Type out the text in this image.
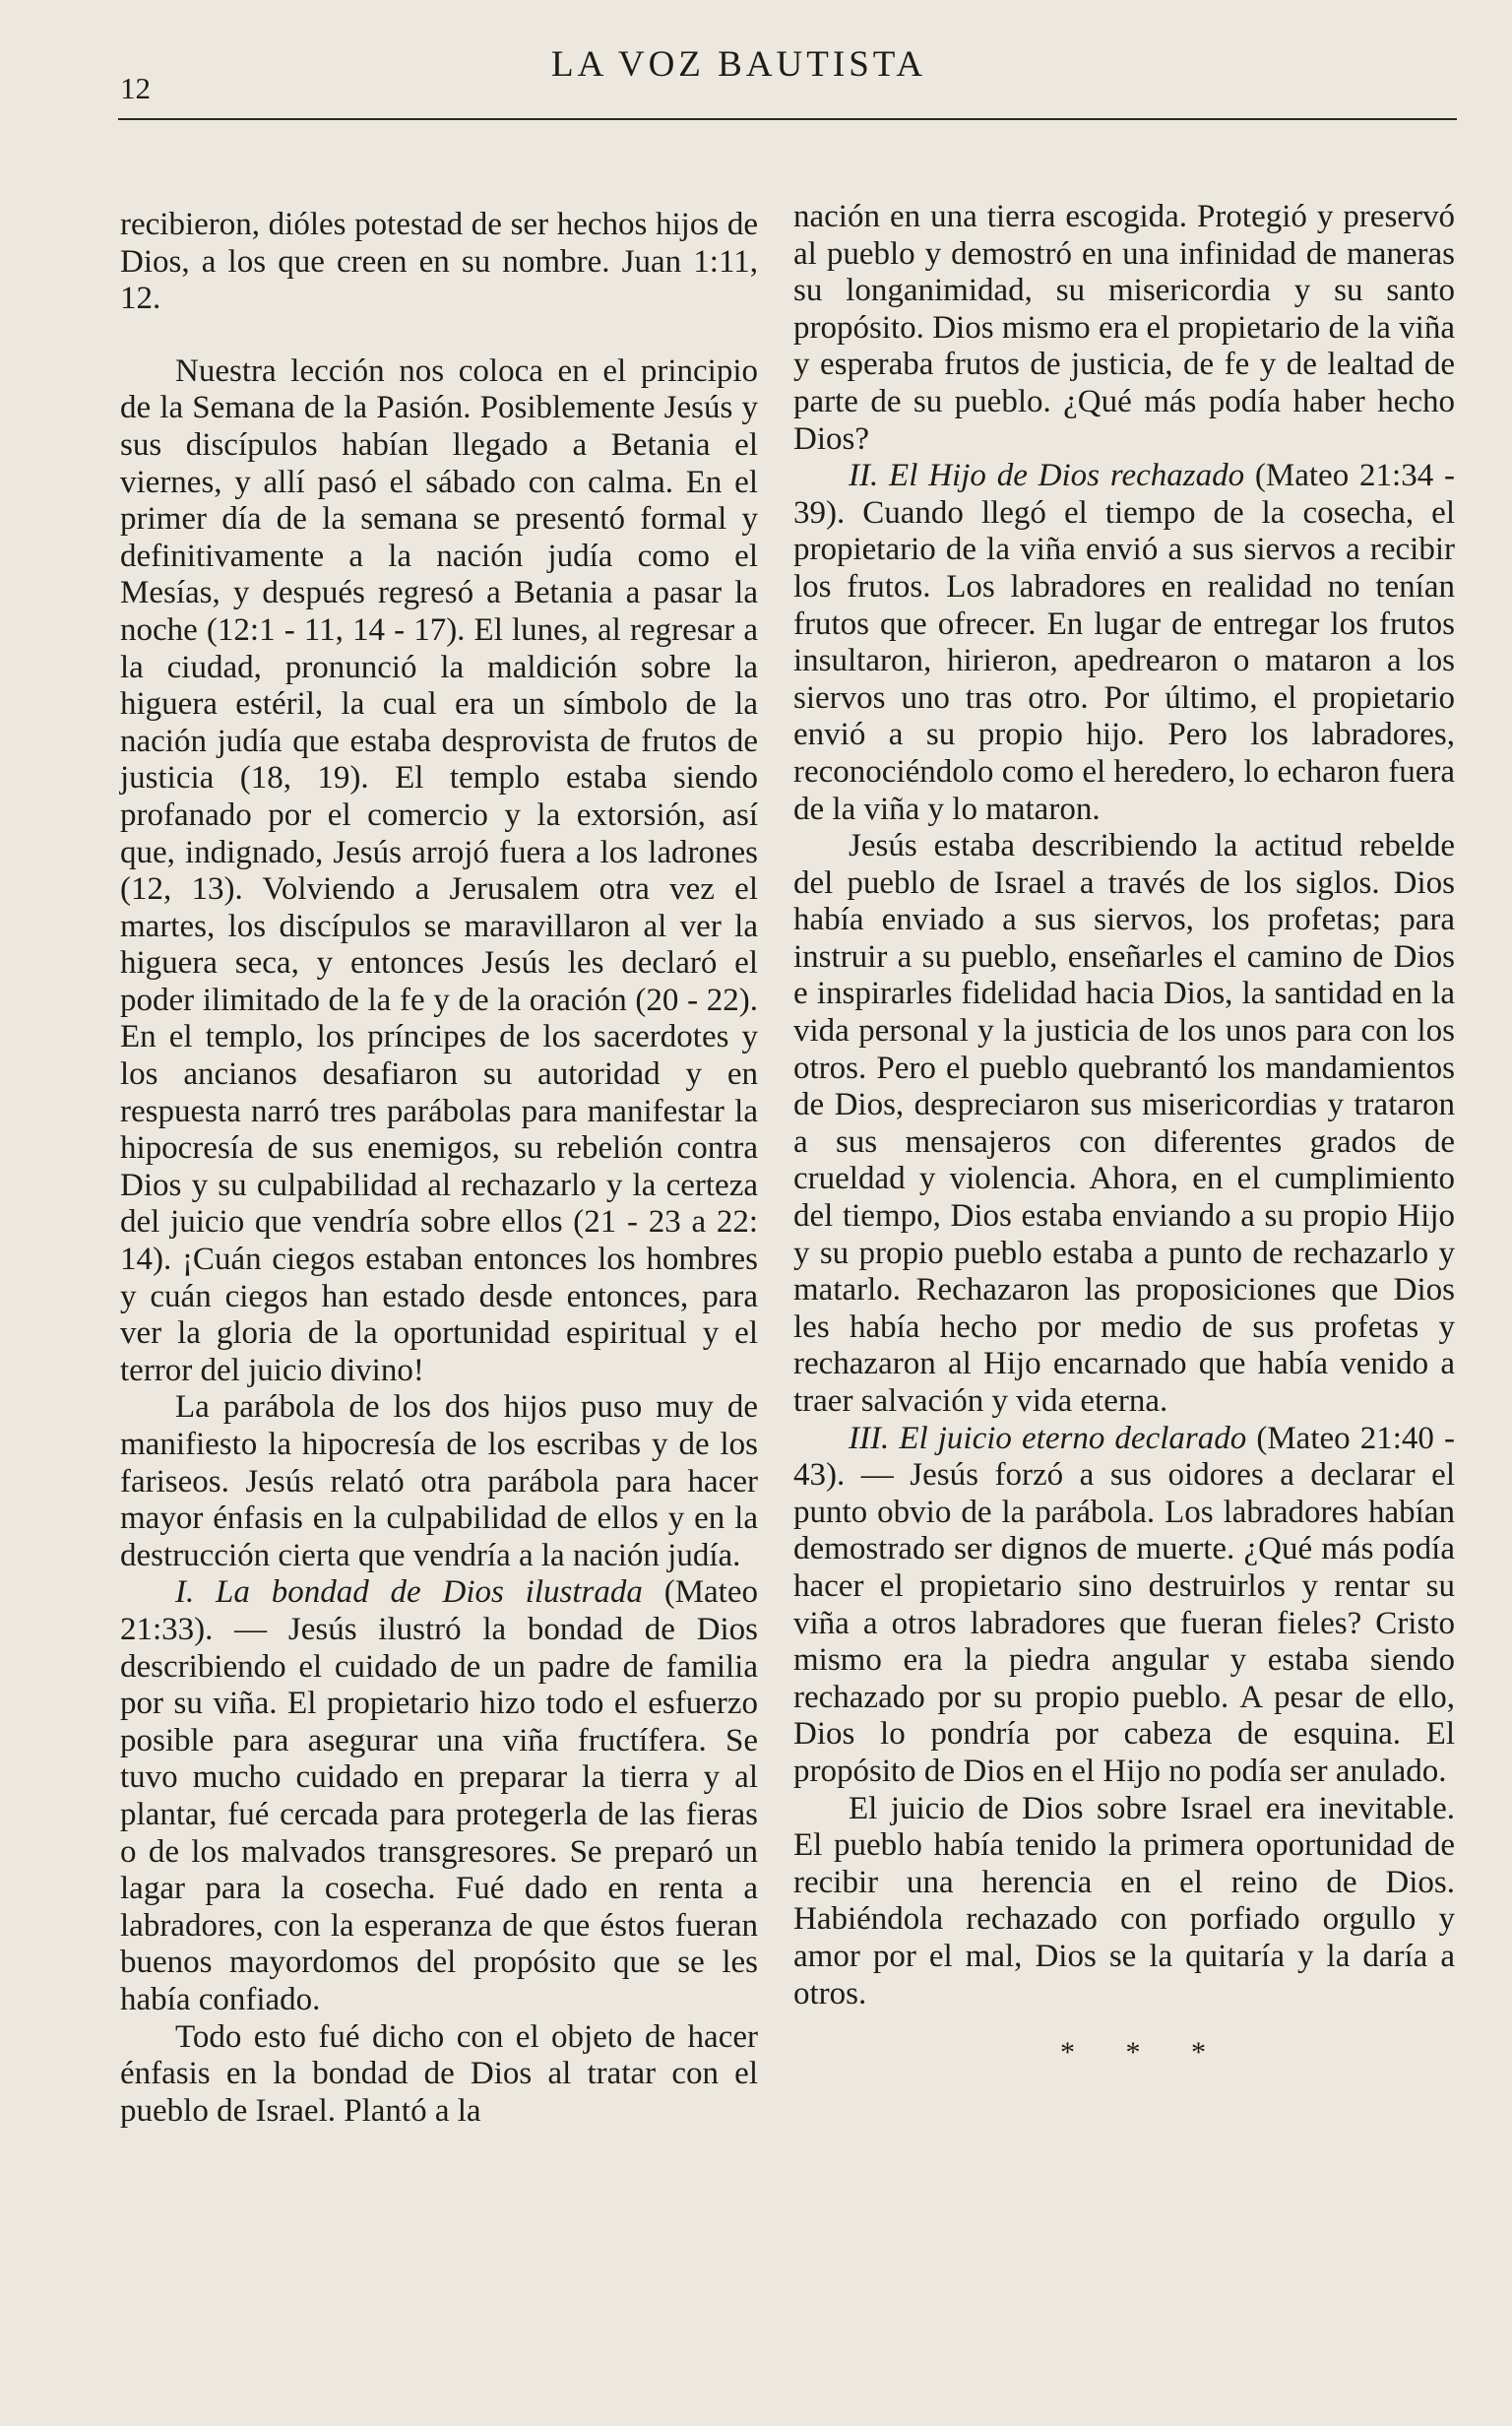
12
LA VOZ BAUTISTA

recibieron, dióles potestad de ser hechos hijos de Dios, a los que creen en su nombre. Juan 1:11, 12.

Nuestra lección nos coloca en el principio de la Semana de la Pasión. Posiblemente Jesús y sus discípulos habían llegado a Betania el viernes, y allí pasó el sábado con calma. En el primer día de la semana se presentó formal y definitivamente a la nación judía como el Mesías, y después regresó a Betania a pasar la noche (12:1 - 11, 14 - 17). El lunes, al regresar a la ciudad, pronunció la maldición sobre la higuera estéril, la cual era un símbolo de la nación judía que estaba desprovista de frutos de justicia (18, 19). El templo estaba siendo profanado por el comercio y la extorsión, así que, indignado, Jesús arrojó fuera a los ladrones (12, 13). Volviendo a Jerusalem otra vez el martes, los discípulos se maravillaron al ver la higuera seca, y entonces Jesús les declaró el poder ilimitado de la fe y de la oración (20 - 22). En el templo, los príncipes de los sacerdotes y los ancianos desafiaron su autoridad y en respuesta narró tres parábolas para manifestar la hipocresía de sus enemigos, su rebelión contra Dios y su culpabilidad al rechazarlo y la certeza del juicio que vendría sobre ellos (21 - 23 a 22: 14). ¡Cuán ciegos estaban entonces los hombres y cuán ciegos han estado desde entonces, para ver la gloria de la oportunidad espiritual y el terror del juicio divino!

La parábola de los dos hijos puso muy de manifiesto la hipocresía de los escribas y de los fariseos. Jesús relató otra parábola para hacer mayor énfasis en la culpabilidad de ellos y en la destrucción cierta que vendría a la nación judía.

I. La bondad de Dios ilustrada (Mateo 21:33). — Jesús ilustró la bondad de Dios describiendo el cuidado de un padre de familia por su viña. El propietario hizo todo el esfuerzo posible para asegurar una viña fructífera. Se tuvo mucho cuidado en preparar la tierra y al plantar, fué cercada para protegerla de las fieras o de los malvados transgresores. Se preparó un lagar para la cosecha. Fué dado en renta a labradores, con la esperanza de que éstos fueran buenos mayordomos del propósito que se les había confiado.

Todo esto fué dicho con el objeto de hacer énfasis en la bondad de Dios al tratar con el pueblo de Israel. Plantó a la

nación en una tierra escogida. Protegió y preservó al pueblo y demostró en una infinidad de maneras su longanimidad, su misericordia y su santo propósito. Dios mismo era el propietario de la viña y esperaba frutos de justicia, de fe y de lealtad de parte de su pueblo. ¿Qué más podía haber hecho Dios?

II. El Hijo de Dios rechazado (Mateo 21:34 - 39). Cuando llegó el tiempo de la cosecha, el propietario de la viña envió a sus siervos a recibir los frutos. Los labradores en realidad no tenían frutos que ofrecer. En lugar de entregar los frutos insultaron, hirieron, apedrearon o mataron a los siervos uno tras otro. Por último, el propietario envió a su propio hijo. Pero los labradores, reconociéndolo como el heredero, lo echaron fuera de la viña y lo mataron.

Jesús estaba describiendo la actitud rebelde del pueblo de Israel a través de los siglos. Dios había enviado a sus siervos, los profetas; para instruir a su pueblo, enseñarles el camino de Dios e inspirarles fidelidad hacia Dios, la santidad en la vida personal y la justicia de los unos para con los otros. Pero el pueblo quebrantó los mandamientos de Dios, despreciaron sus misericordias y trataron a sus mensajeros con diferentes grados de crueldad y violencia. Ahora, en el cumplimiento del tiempo, Dios estaba enviando a su propio Hijo y su propio pueblo estaba a punto de rechazarlo y matarlo. Rechazaron las proposiciones que Dios les había hecho por medio de sus profetas y rechazaron al Hijo encarnado que había venido a traer salvación y vida eterna.

III. El juicio eterno declarado (Mateo 21:40 - 43). — Jesús forzó a sus oidores a declarar el punto obvio de la parábola. Los labradores habían demostrado ser dignos de muerte. ¿Qué más podía hacer el propietario sino destruirlos y rentar su viña a otros labradores que fueran fieles? Cristo mismo era la piedra angular y estaba siendo rechazado por su propio pueblo. A pesar de ello, Dios lo pondría por cabeza de esquina. El propósito de Dios en el Hijo no podía ser anulado.

El juicio de Dios sobre Israel era inevitable. El pueblo había tenido la primera oportunidad de recibir una herencia en el reino de Dios. Habiéndola rechazado con porfiado orgullo y amor por el mal, Dios se la quitaría y la daría a otros.

* * *
